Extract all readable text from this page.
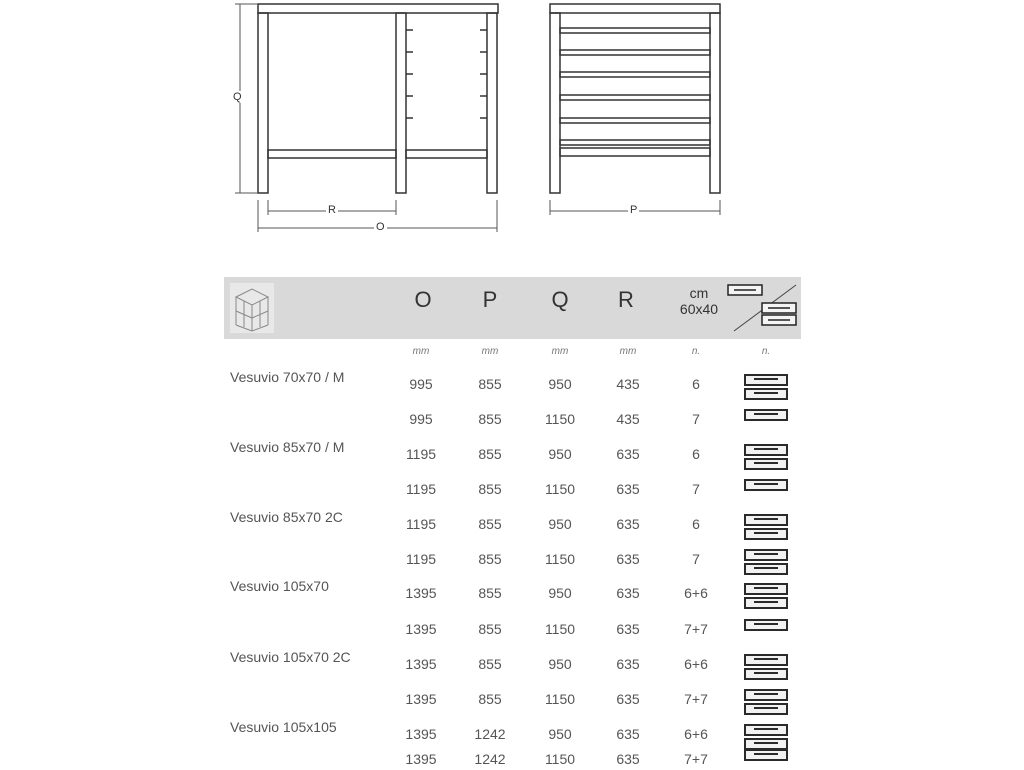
Q
R
O
P
O	P	Q	R	cm
60x40
mm	mm	mm	mm	n.	n.
Vesuvio 70x70 / M	995	855	950	435	6
995	855	1150	435	7
Vesuvio 85x70 / M	1195	855	950	635	6
1195	855	1150	635	7
Vesuvio 85x70 2C	1195	855	950	635	6
1195	855	1150	635	7
Vesuvio 105x70	1395	855	950	635	6+6
1395	855	1150	635	7+7
Vesuvio 105x70 2C	1395	855	950	635	6+6
1395	855	1150	635	7+7
Vesuvio 105x105	1395	1242	950	635	6+6
1395	1242	1150	635	7+7
